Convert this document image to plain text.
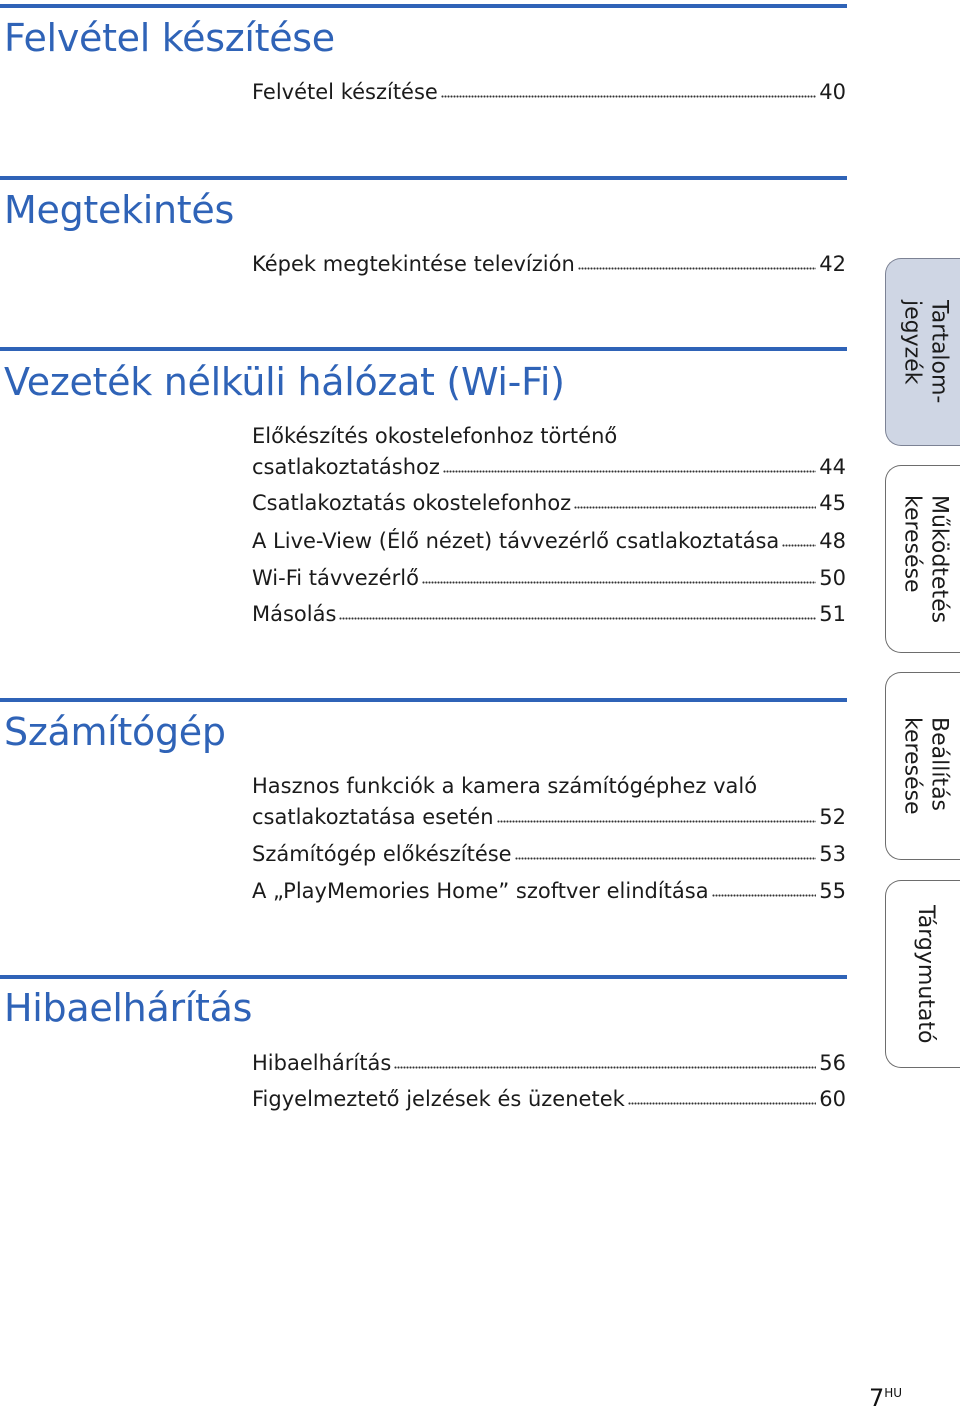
Felvétel készítése
Felvétel készítése	40
Megtekintés
Képek megtekintése televízión	42
Vezeték nélküli hálózat (Wi-Fi)
Előkészítés okostelefonhoz történő
csatlakoztatáshoz	44
Csatlakoztatás okostelefonhoz	45
A Live-View (Élő nézet) távvezérlő csatlakoztatása 48
Wi-Fi távvezérlő	50
Másolás	51
Számítógép
Hasznos funkciók a kamera számítógéphez való
csatlakoztatása esetén	52
Számítógép előkészítése	53
A „PlayMemories Home” szoftver elindítása	55
Hibaelhárítás
Hibaelhárítás	56
Figyelmeztető jelzések és üzenetek	60
Tartalom-
jegyzék
Működtetés
keresése
Beállítás
keresése
Tárgymutató
$7^{HU}$
